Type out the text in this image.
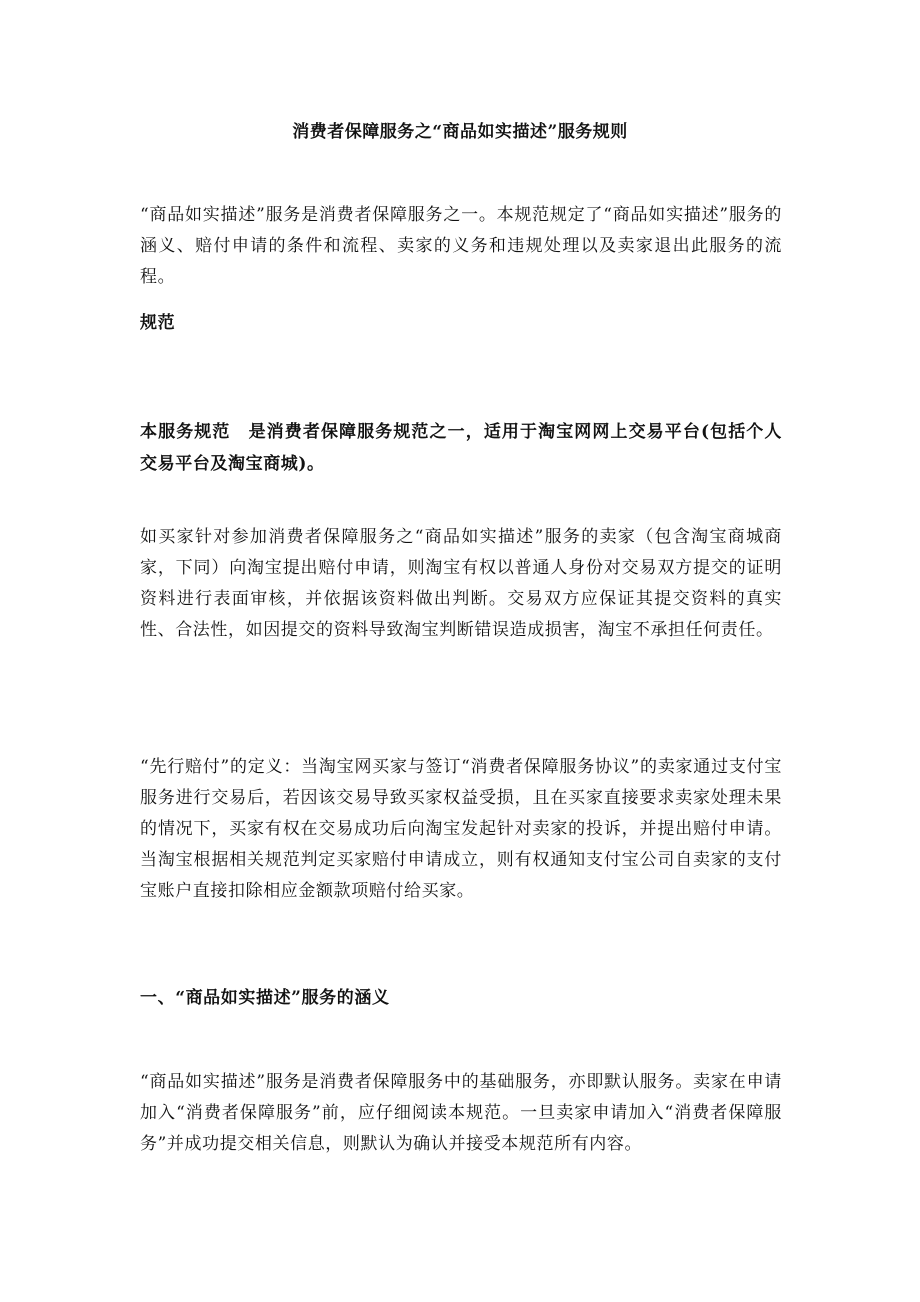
消费者保障服务之“商品如实描述”服务规则
“商品如实描述”服务是消费者保障服务之一。本规范规定了“商品如实描述”服务的涵义、赔付申请的条件和流程、卖家的义务和违规处理以及卖家退出此服务的流程。
规范
本服务规范　是消费者保障服务规范之一，适用于淘宝网网上交易平台(包括个人交易平台及淘宝商城)。
如买家针对参加消费者保障服务之“商品如实描述”服务的卖家（包含淘宝商城商家，下同）向淘宝提出赔付申请，则淘宝有权以普通人身份对交易双方提交的证明资料进行表面审核，并依据该资料做出判断。交易双方应保证其提交资料的真实性、合法性，如因提交的资料导致淘宝判断错误造成损害，淘宝不承担任何责任。
“先行赔付”的定义：当淘宝网买家与签订“消费者保障服务协议”的卖家通过支付宝服务进行交易后，若因该交易导致买家权益受损，且在买家直接要求卖家处理未果的情况下，买家有权在交易成功后向淘宝发起针对卖家的投诉，并提出赔付申请。当淘宝根据相关规范判定买家赔付申请成立，则有权通知支付宝公司自卖家的支付宝账户直接扣除相应金额款项赔付给买家。
一、“商品如实描述”服务的涵义
“商品如实描述”服务是消费者保障服务中的基础服务，亦即默认服务。卖家在申请加入“消费者保障服务”前，应仔细阅读本规范。一旦卖家申请加入“消费者保障服务”并成功提交相关信息，则默认为确认并接受本规范所有内容。
